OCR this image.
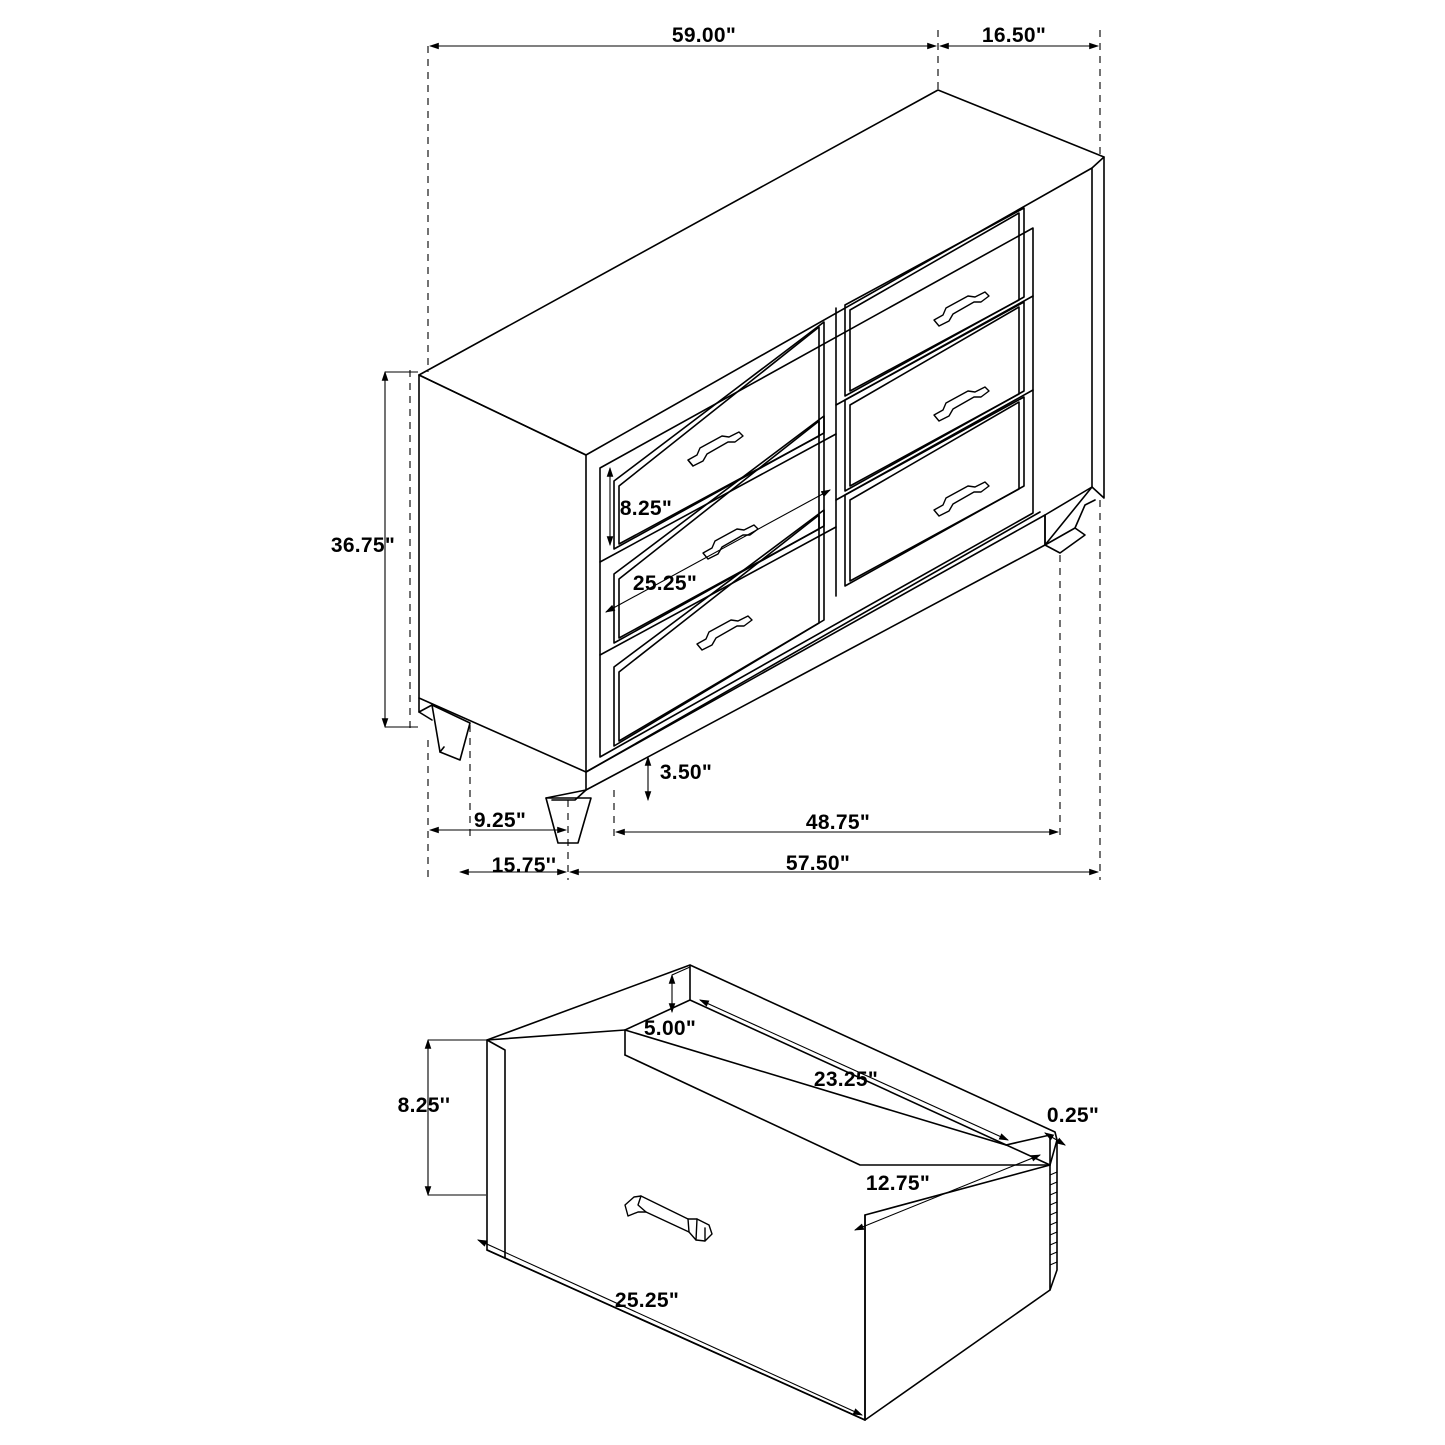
59.00"	16.50"
36.75"
8.25"
25.25"
3.50"
9.25"
15.75''
48.75"
57.50"
5.00"
23.25"
8.25''	0.25"
12.75"
25.25"
